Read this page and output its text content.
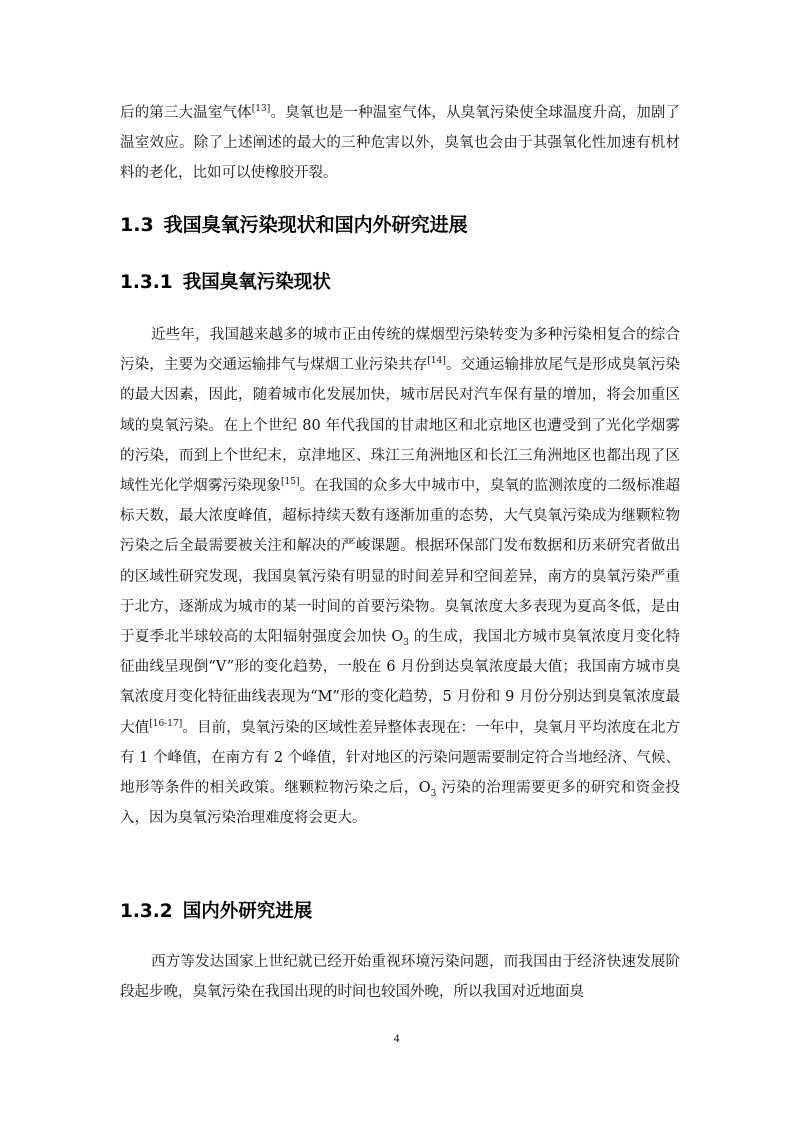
后的第三大温室气体[13]。臭氧也是一种温室气体，从臭氧污染使全球温度升高，加剧了温室效应。除了上述阐述的最大的三种危害以外，臭氧也会由于其强氧化性加速有机材料的老化，比如可以使橡胶开裂。

1.3 我国臭氧污染现状和国内外研究进展
1.3.1 我国臭氧污染现状

近些年，我国越来越多的城市正由传统的煤烟型污染转变为多种污染相复合的综合污染，主要为交通运输排气与煤烟工业污染共存[14]。交通运输排放尾气是形成臭氧污染的最大因素，因此，随着城市化发展加快，城市居民对汽车保有量的增加，将会加重区域的臭氧污染。在上个世纪 80 年代我国的甘肃地区和北京地区也遭受到了光化学烟雾的污染，而到上个世纪末，京津地区、珠江三角洲地区和长江三角洲地区也都出现了区域性光化学烟雾污染现象[15]。在我国的众多大中城市中，臭氧的监测浓度的二级标准超标天数，最大浓度峰值，超标持续天数有逐渐加重的态势，大气臭氧污染成为继颗粒物污染之后全最需要被关注和解决的严峻课题。根据环保部门发布数据和历来研究者做出的区域性研究发现，我国臭氧污染有明显的时间差异和空间差异，南方的臭氧污染严重于北方，逐渐成为城市的某一时间的首要污染物。臭氧浓度大多表现为夏高冬低，是由于夏季北半球较高的太阳辐射强度会加快 $O_3$ 的生成，我国北方城市臭氧浓度月变化特征曲线呈现倒“V”形的变化趋势，一般在 6 月份到达臭氧浓度最大值；我国南方城市臭氧浓度月变化特征曲线表现为“M”形的变化趋势，5 月份和 9 月份分别达到臭氧浓度最大值[16-17]。目前，臭氧污染的区域性差异整体表现在：一年中，臭氧月平均浓度在北方有 1 个峰值，在南方有 2 个峰值，针对地区的污染问题需要制定符合当地经济、气候、地形等条件的相关政策。继颗粒物污染之后，$O_3$ 污染的治理需要更多的研究和资金投入，因为臭氧污染治理难度将会更大。

1.3.2 国内外研究进展

西方等发达国家上世纪就已经开始重视环境污染问题，而我国由于经济快速发展阶段起步晚，臭氧污染在我国出现的时间也较国外晚，所以我国对近地面臭

4
